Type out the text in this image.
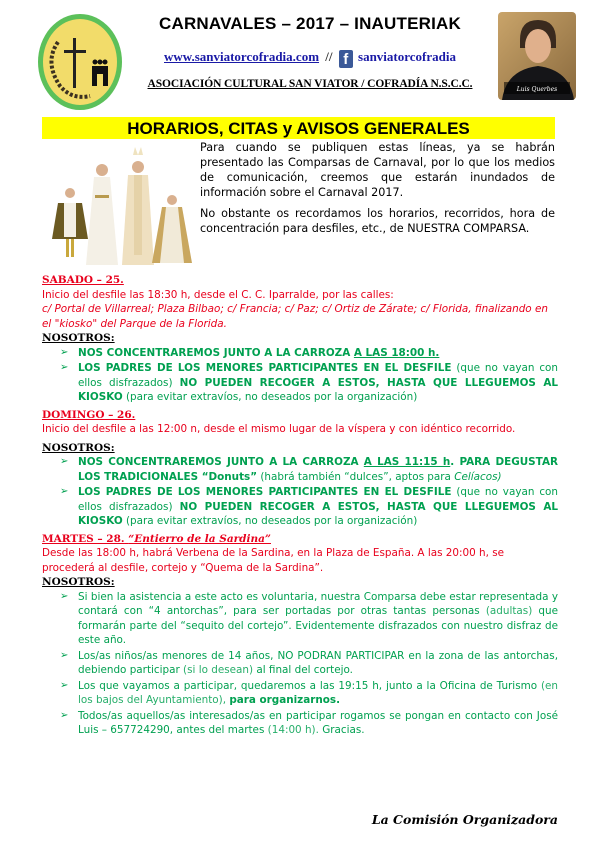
CARNAVALES – 2017 – INAUTERIAK
www.sanviatorcofradia.com // f sanviatorcofradia
ASOCIACIÓN CULTURAL SAN VIATOR / COFRADÍA N.S.C.C.	Luis Querbes
HORARIOS, CITAS y AVISOS GENERALES

Para cuando se publiquen estas líneas, ya se habrán presentado las Comparsas de Carnaval, por lo que los medios de comunicación, creemos que estarán inundados de información sobre el Carnaval 2017.

No obstante os recordamos los horarios, recorridos, hora de concentración para desfiles, etc., de NUESTRA COMPARSA.

SABADO – 25.
Inicio del desfile las 18:30 h, desde el C. C. Iparralde, por las calles:
c/ Portal de Villarreal; Plaza Bilbao; c/ Francia; c/ Paz; c/ Ortiz de Zárate; c/ Florida, finalizando en el "kiosko" del Parque de la Florida.
NOSOTROS:
➢ NOS CONCENTRAREMOS JUNTO A LA CARROZA A LAS 18:00 h.
➢ LOS PADRES DE LOS MENORES PARTICIPANTES EN EL DESFILE (que no vayan con ellos disfrazados) NO PUEDEN RECOGER A ESTOS, HASTA QUE LLEGUEMOS AL KIOSKO (para evitar extravíos, no deseados por la organización)
DOMINGO – 26.
Inicio del desfile a las 12:00 n, desde el mismo lugar de la víspera y con idéntico recorrido.
NOSOTROS:
➢ NOS CONCENTRAREMOS JUNTO A LA CARROZA A LAS 11:15 h. PARA DEGUSTAR LOS TRADICIONALES “Donuts” (habrá también “dulces”, aptos para Celíacos)
➢ LOS PADRES DE LOS MENORES PARTICIPANTES EN EL DESFILE (que no vayan con ellos disfrazados) NO PUEDEN RECOGER A ESTOS, HASTA QUE LLEGUEMOS AL KIOSKO (para evitar extravíos, no deseados por la organización)
MARTES – 28. “Entierro de la Sardina”
Desde las 18:00 h, habrá Verbena de la Sardina, en la Plaza de España. A las 20:00 h, se procederá al desfile, cortejo y “Quema de la Sardina”.
NOSOTROS:
➢ Si bien la asistencia a este acto es voluntaria, nuestra Comparsa debe estar representada y contará con “4 antorchas”, para ser portadas por otras tantas personas (adultas) que formarán parte del “sequito del cortejo”. Evidentemente disfrazados con nuestro disfraz de este año.
➢ Los/as niños/as menores de 14 años, NO PODRAN PARTICIPAR en la zona de las antorchas, debiendo participar (si lo desean) al final del cortejo.
➢ Los que vayamos a participar, quedaremos a las 19:15 h, junto a la Oficina de Turismo (en los bajos del Ayuntamiento), para organizarnos.
➢ Todos/as aquellos/as interesados/as en participar rogamos se pongan en contacto con José Luis – 657724290, antes del martes (14:00 h). Gracias.
La Comisión Organizadora
